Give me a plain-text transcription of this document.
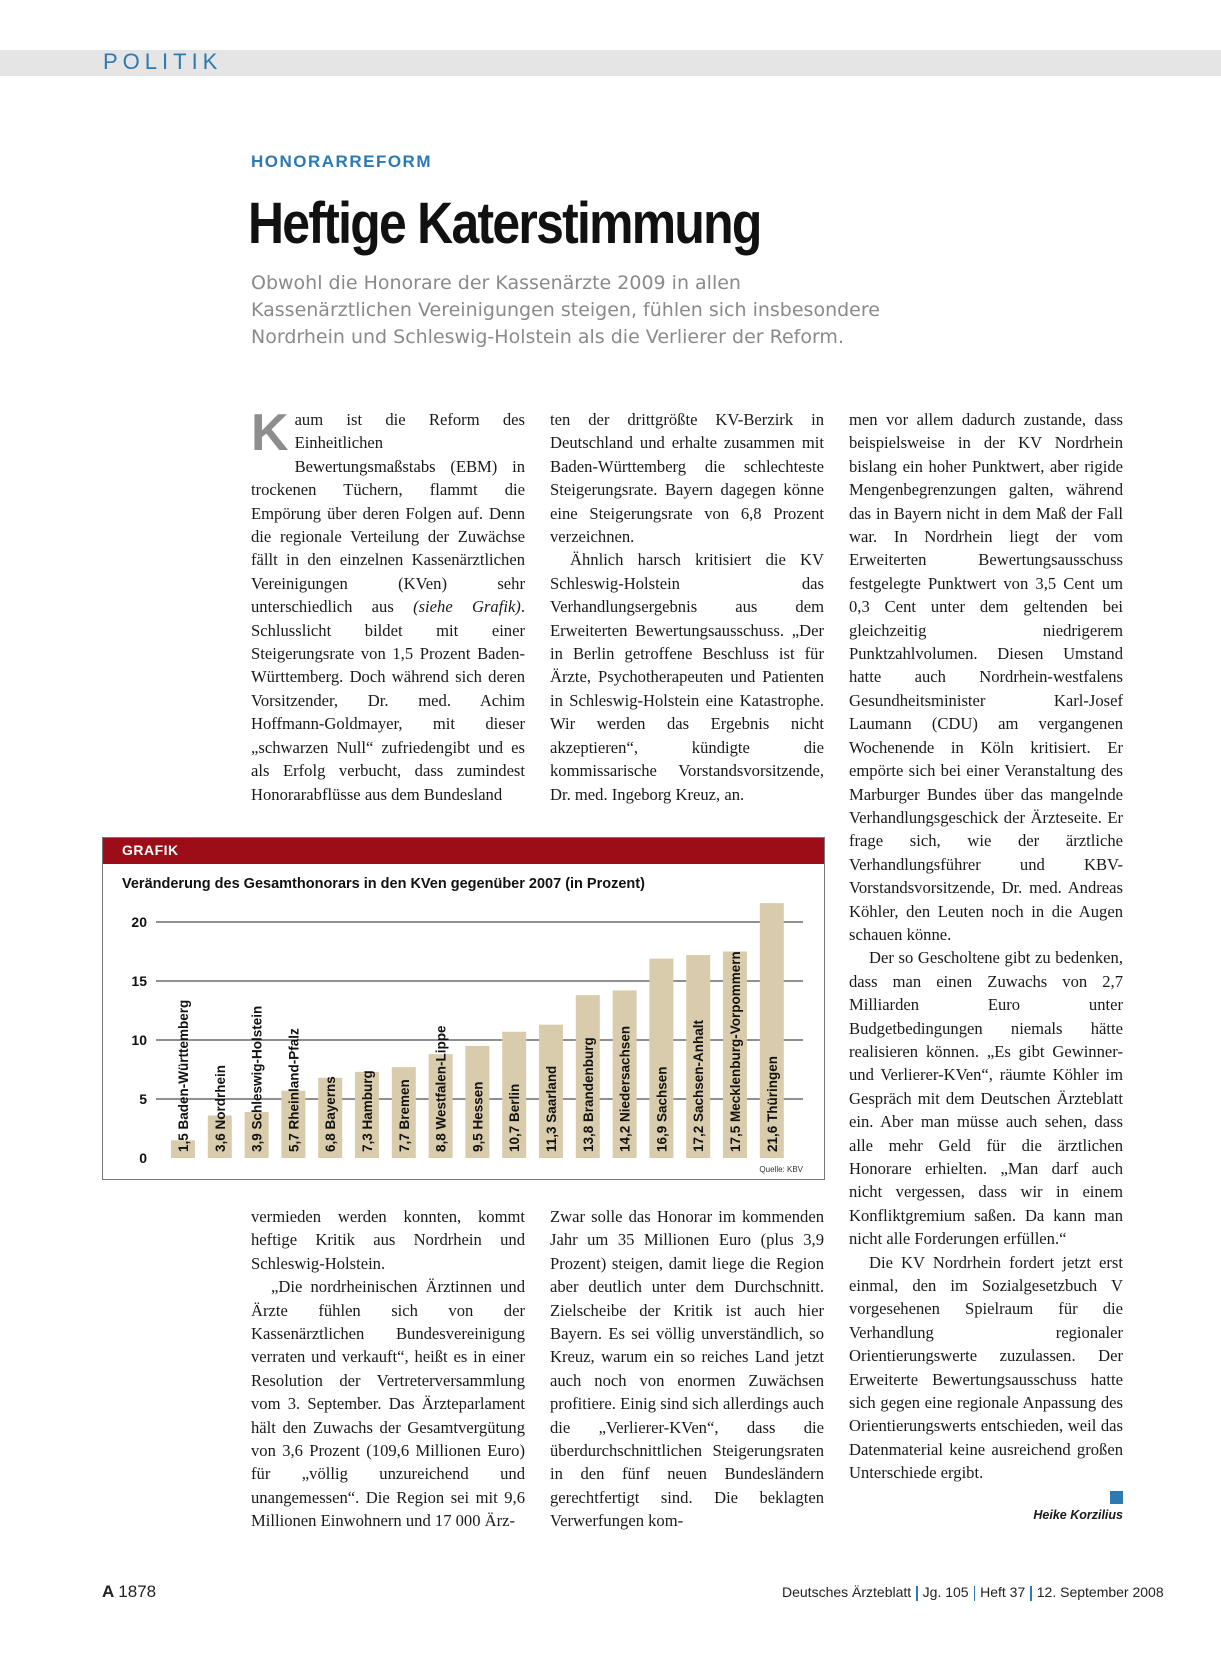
POLITIK
HONORARREFORM
Heftige Katerstimmung
Obwohl die Honorare der Kassenärzte 2009 in allen
Kassenärztlichen Vereinigungen steigen, fühlen sich insbesondere
Nordrhein und Schleswig-Holstein als die Verlierer der Reform.

Kaum ist die Reform des Einheitlichen Bewertungsmaßstabs (EBM) in trockenen Tüchern, flammt die Empörung über deren Folgen auf. Denn die regionale Verteilung der Zuwächse fällt in den einzelnen Kassenärztlichen Vereinigungen (KVen) sehr unterschiedlich aus (siehe Grafik). Schlusslicht bildet mit einer Steigerungsrate von 1,5 Prozent Baden-Württemberg. Doch während sich deren Vorsitzender, Dr. med. Achim Hoffmann-Goldmayer, mit dieser „schwarzen Null“ zufriedengibt und es als Erfolg verbucht, dass zumindest Honorarabflüsse aus dem Bundesland

ten der drittgrößte KV-Berzirk in Deutschland und erhalte zusammen mit Baden-Württemberg die schlechteste Steigerungsrate. Bayern dagegen könne eine Steigerungsrate von 6,8 Prozent verzeichnen.

Ähnlich harsch kritisiert die KV Schleswig-Holstein das Verhandlungsergebnis aus dem Erweiterten Bewertungsausschuss. „Der in Berlin getroffene Beschluss ist für Ärzte, Psychotherapeuten und Patienten in Schleswig-Holstein eine Katastrophe. Wir werden das Ergebnis nicht akzeptieren“, kündigte die kommissarische Vorstandsvorsitzende, Dr. med. Ingeborg Kreuz, an.

men vor allem dadurch zustande, dass beispielsweise in der KV Nordrhein bislang ein hoher Punktwert, aber rigide Mengenbegrenzungen galten, während das in Bayern nicht in dem Maß der Fall war. In Nordrhein liegt der vom Erweiterten Bewertungsausschuss festgelegte Punktwert von 3,5 Cent um 0,3 Cent unter dem geltenden bei gleichzeitig niedrigerem Punktzahlvolumen. Diesen Umstand hatte auch Nordrhein-westfalens Gesundheitsminister Karl-Josef Laumann (CDU) am vergangenen Wochenende in Köln kritisiert. Er empörte sich bei einer Veranstaltung des Marburger Bundes über das mangelnde Verhandlungsgeschick der Ärzteseite. Er frage sich, wie der ärztliche Verhandlungsführer und KBV-Vorstandsvorsitzende, Dr. med. Andreas Köhler, den Leuten noch in die Augen schauen könne.

Der so Gescholtene gibt zu bedenken, dass man einen Zuwachs von 2,7 Milliarden Euro unter Budgetbedingungen niemals hätte realisieren können. „Es gibt Gewinner- und Verlierer-KVen“, räumte Köhler im Gespräch mit dem Deutschen Ärzteblatt ein. Aber man müsse auch sehen, dass alle mehr Geld für die ärztlichen Honorare erhielten. „Man darf auch nicht vergessen, dass wir in einem Konfliktgremium saßen. Da kann man nicht alle Forderungen erfüllen.“

Die KV Nordrhein fordert jetzt erst einmal, den im Sozialgesetzbuch V vorgesehenen Spielraum für die Verhandlung regionaler Orientierungswerte zuzulassen. Der Erweiterte Bewertungsausschuss hatte sich gegen eine regionale Anpassung des Orientierungswerts entschieden, weil das Datenmaterial keine ausreichend großen Unterschiede ergibt.

Heike Korzilius
GRAFIK
Veränderung des Gesamthonorars in den KVen gegenüber 2007 (in Prozent)
0
5
10
15
20
1,5 Baden-Württemberg 3,6 Nordrhein 3,9 Schleswig-Holstein 5,7 Rheinland-Pfalz 6,8 Bayerns 7,3 Hamburg 7,7 Bremen 8,8 Westfalen-Lippe 9,5 Hessen 10,7 Berlin 11,3 Saarland 13,8 Brandenburg 14,2 Niedersachsen 16,9 Sachsen 17,2 Sachsen-Anhalt 17,5 Mecklenburg-Vorpommern 21,6 Thüringen
Quelle: KBV

vermieden werden konnten, kommt heftige Kritik aus Nordrhein und Schleswig-Holstein.

„Die nordrheinischen Ärztinnen und Ärzte fühlen sich von der Kassenärztlichen Bundesvereinigung verraten und verkauft“, heißt es in einer Resolution der Vertreterversammlung vom 3. September. Das Ärzteparlament hält den Zuwachs der Gesamtvergütung von 3,6 Prozent (109,6 Millionen Euro) für „völlig unzureichend und unangemessen“. Die Region sei mit 9,6 Millionen Einwohnern und 17 000 Ärz-

Zwar solle das Honorar im kommenden Jahr um 35 Millionen Euro (plus 3,9 Prozent) steigen, damit liege die Region aber deutlich unter dem Durchschnitt. Zielscheibe der Kritik ist auch hier Bayern. Es sei völlig unverständlich, so Kreuz, warum ein so reiches Land jetzt auch noch von enormen Zuwächsen profitiere. Einig sind sich allerdings auch die „Verlierer-KVen“, dass die überdurchschnittlichen Steigerungsraten in den fünf neuen Bundesländern gerechtfertigt sind. Die beklagten Verwerfungen kom-

A 1878	Deutsches Ärzteblatt Jg. 105 Heft 37 12. September 2008
